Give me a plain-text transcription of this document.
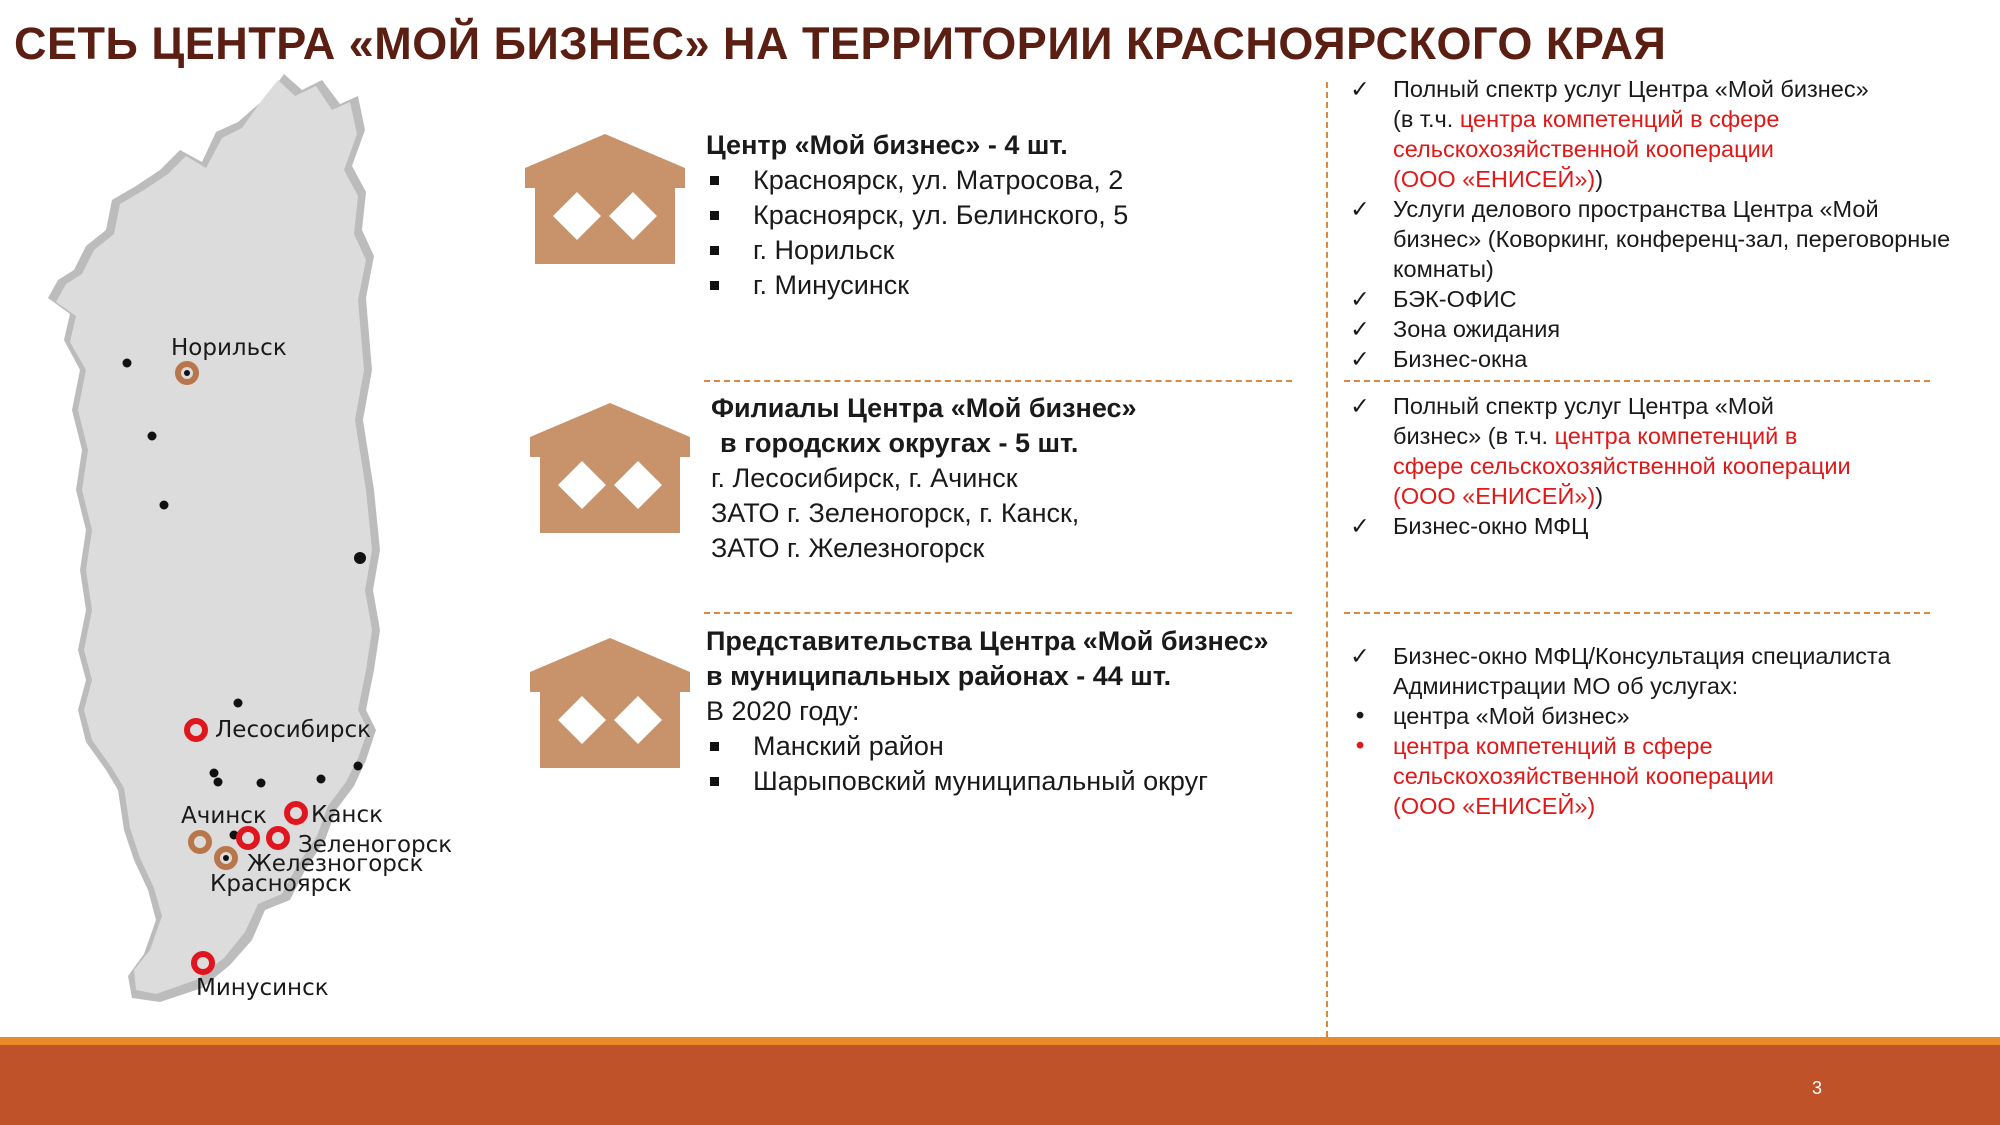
СЕТЬ ЦЕНТРА «МОЙ БИЗНЕС» НА ТЕРРИТОРИИ КРАСНОЯРСКОГО КРАЯ
Норильск
Лесосибирск
Ачинск Канск
Зеленогорск
Железногорск
Красноярск
Минусинск
Центр «Мой бизнес» - 4 шт.
Красноярск, ул. Матросова, 2
Красноярск, ул. Белинского, 5
г. Норильск
г. Минусинск
Филиалы Центра «Мой бизнес»
в городских округах - 5 шт.
г. Лесосибирск, г. Ачинск
ЗАТО г. Зеленогорск, г. Канск,
ЗАТО г. Железногорск
Представительства Центра «Мой бизнес»
в муниципальных районах - 44 шт.
В 2020 году:
Манский район
Шарыповский муниципальный округ
✓ Полный спектр услуг Центра «Мой бизнес»
(в т.ч. центра компетенций в сфере
сельскохозяйственной кооперации
(ООО «ЕНИСЕЙ»))
✓ Услуги делового пространства Центра «Мой
бизнес» (Коворкинг, конференц-зал, переговорные
комнаты)
✓ БЭК-ОФИС
✓ Зона ожидания
✓ Бизнес-окна
✓ Полный спектр услуг Центра «Мой
бизнес» (в т.ч. центра компетенций в
сфере сельскохозяйственной кооперации
(ООО «ЕНИСЕЙ»))
✓ Бизнес-окно МФЦ
✓ Бизнес-окно МФЦ/Консультация специалиста
Администрации МО об услугах:
•	центра «Мой бизнес»
•	центра компетенций в сфере
сельскохозяйственной кооперации
(ООО «ЕНИСЕЙ»)
3
